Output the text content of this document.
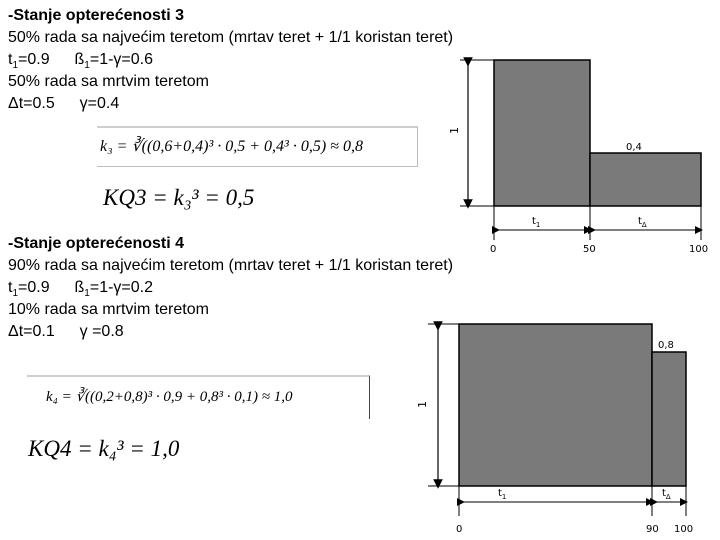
-Stanje opterećenosti 3
50% rada sa najvećim teretom (mrtav teret + 1/1 koristan teret)
$t_1=0.9$ $ß_1=1-\gamma=0.6$
50% rada sa mrtvim teretom
Δt=0.5 γ=0.4
k₃ = ∛((0,6+0,4)³ · 0,5 + 0,4³ · 0,5) ≈ 0,8
KQ3 = k₃³ = 0,5
1
0,4
$t_1$	$t_\Delta$
0	50	100
-Stanje opterećenosti 4
90% rada sa najvećim teretom (mrtav teret + 1/1 koristan teret)
$t_1=0.9$ $ß_1=1-\gamma=0.2$
10% rada sa mrtvim teretom
Δt=0.1 γ =0.8
k₄ = ∛((0,2+0,8)³ · 0,9 + 0,8³ · 0,1) ≈ 1,0
KQ4 = k₄³ = 1,0
1
0,8
$t_1$	$t_\Delta$
0	90 100
